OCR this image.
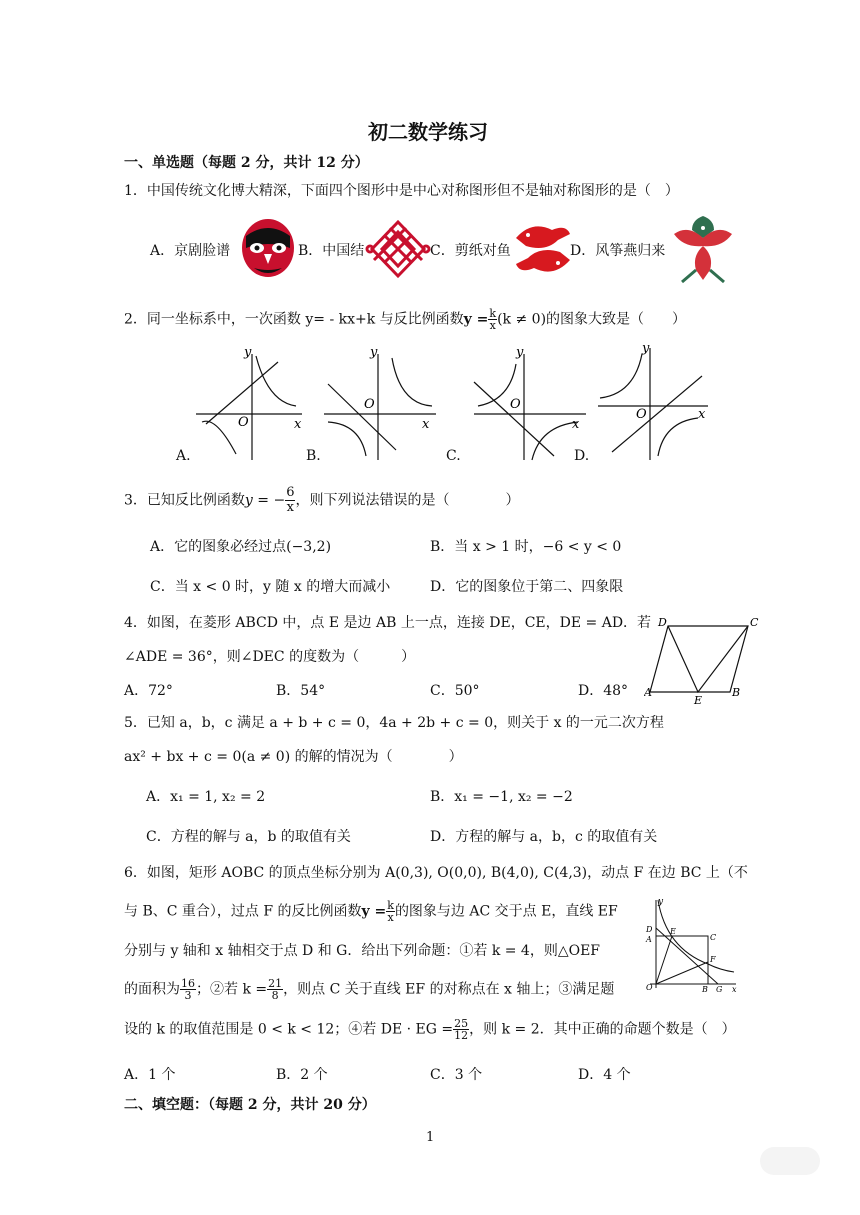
初二数学练习
一、单选题（每题 2 分，共计 12 分）
1．中国传统文化博大精深，下面四个图形中是中心对称图形但不是轴对称图形的是（　）
A．京剧脸谱	B．中国结	C．剪纸对鱼	D．风筝燕归来
2．同一坐标系中，一次函数 y= - kx+k 与反比例函数$y = \frac{k}{x} (k \ne 0)$的图象大致是（　　）
y
x
O
A.
y
x
O
B.
y
x
O
C.
y
x
O
D.
3．已知反比例函数y = − $\frac{6}{x}$ ，则下列说法错误的是（　　　　）
A．它的图象必经过点(−3,2)	B．当 x > 1 时，−6 < y < 0
C．当 x < 0 时，y 随 x 的增大而减小	D．它的图象位于第二、四象限
4．如图，在菱形 ABCD 中，点 E 是边 AB 上一点，连接 DE，CE，DE = AD．若
∠ADE = 36°，则∠DEC 的度数为（　　　）
D	C
A
E
B
A．72°	B．54°	C．50°	D．48°
5．已知 a，b，c 满足 a + b + c = 0，4a + 2b + c = 0，则关于 x 的一元二次方程
ax² + bx + c = 0(a ≠ 0) 的解的情况为（　　　　）
A．x₁ = 1, x₂ = 2	B．x₁ = −1, x₂ = −2
C．方程的解与 a，b 的取值有关	D．方程的解与 a，b，c 的取值有关
6．如图，矩形 AOBC 的顶点坐标分别为 A(0,3), O(0,0), B(4,0), C(4,3)，动点 F 在边 BC 上（不
与 B、C 重合），过点 F 的反比例函数$y = \frac{k}{x}$ 的图象与边 AC 交于点 E，直线 EF
分别与 y 轴和 x 轴相交于点 D 和 G．给出下列命题：①若 k = 4，则△OEF
的面积为 $\frac{16}{3}$ ；②若 $k = \frac{21}{8}$ ，则点 C 关于直线 EF 的对称点在 x 轴上；③满足题
设的 k 的取值范围是 0 < k < 12；④若 DE · EG = $\frac{25}{12}$ ，则 k = 2．其中正确的命题个数是（　）
y
D
A
E
C
F
O	B G x
A．1 个	B．2 个	C．3 个	D．4 个
二、填空题：（每题 2 分，共计 20 分）
1
